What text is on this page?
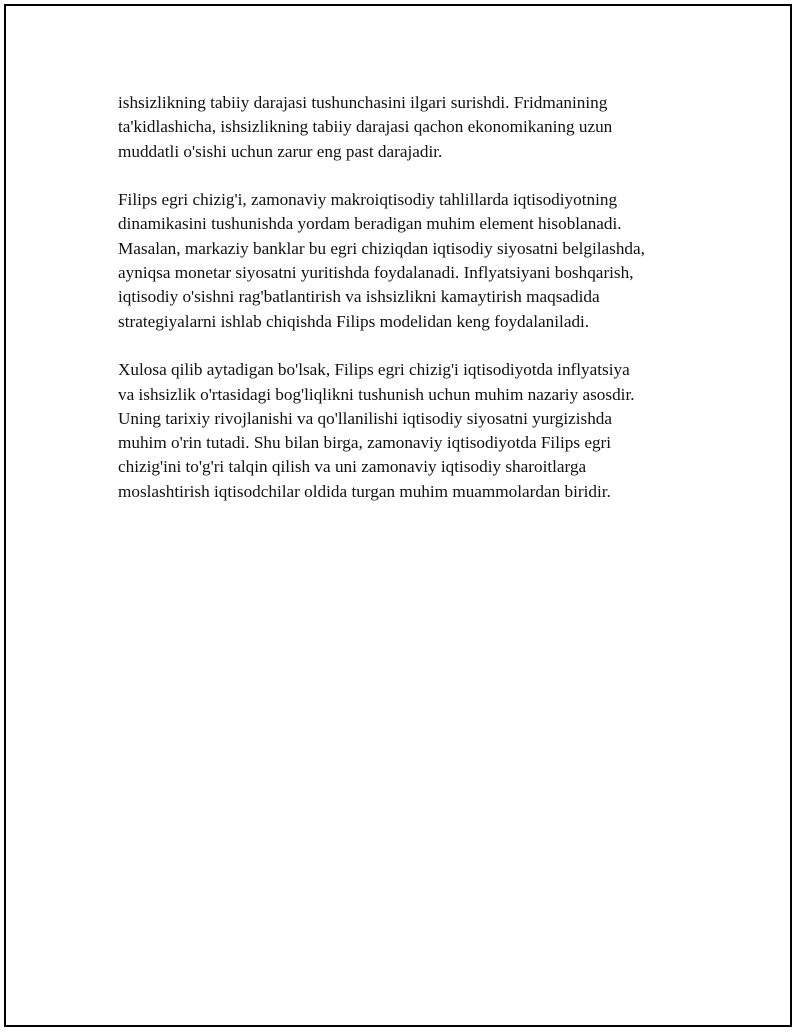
ishsizlikning tabiiy darajasi tushunchasini ilgari surishdi. Fridmanining
ta'kidlashicha, ishsizlikning tabiiy darajasi qachon ekonomikaning uzun
muddatli o'sishi uchun zarur eng past darajadir.

Filips egri chizig'i, zamonaviy makroiqtisodiy tahlillarda iqtisodiyotning
dinamikasini tushunishda yordam beradigan muhim element hisoblanadi.
Masalan, markaziy banklar bu egri chiziqdan iqtisodiy siyosatni belgilashda,
ayniqsa monetar siyosatni yuritishda foydalanadi. Inflyatsiyani boshqarish,
iqtisodiy o'sishni rag'batlantirish va ishsizlikni kamaytirish maqsadida
strategiyalarni ishlab chiqishda Filips modelidan keng foydalaniladi.

Xulosa qilib aytadigan bo'lsak, Filips egri chizig'i iqtisodiyotda inflyatsiya
va ishsizlik o'rtasidagi bog'liqlikni tushunish uchun muhim nazariy asosdir.
Uning tarixiy rivojlanishi va qo'llanilishi iqtisodiy siyosatni yurgizishda
muhim o'rin tutadi. Shu bilan birga, zamonaviy iqtisodiyotda Filips egri
chizig'ini to'g'ri talqin qilish va uni zamonaviy iqtisodiy sharoitlarga
moslashtirish iqtisodchilar oldida turgan muhim muammolardan biridir.
